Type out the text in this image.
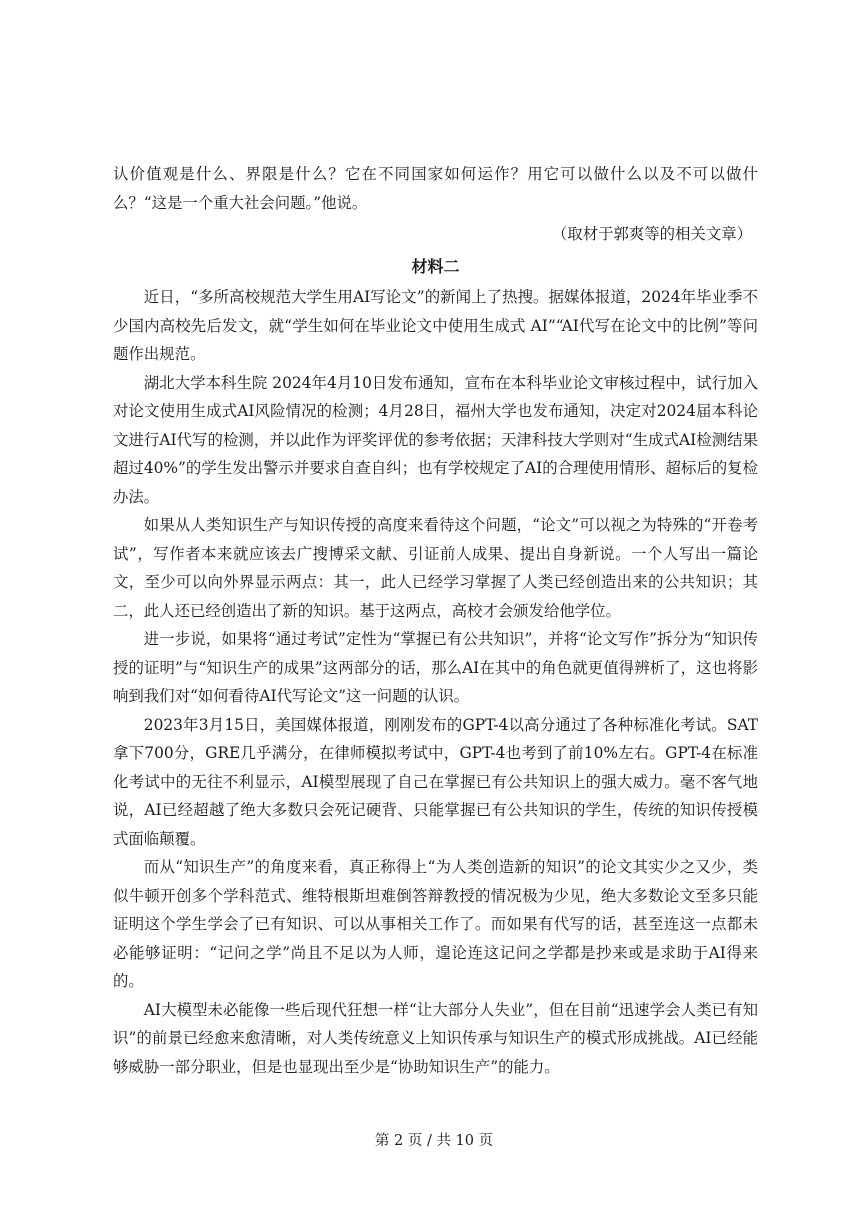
认价值观是什么、界限是什么？它在不同国家如何运作？用它可以做什么以及不可以做什么？“这是一个重大社会问题。”他说。

（取材于郭爽等的相关文章）

材料二

近日，“多所高校规范大学生用AI写论文”的新闻上了热搜。据媒体报道，2024年毕业季不少国内高校先后发文，就“学生如何在毕业论文中使用生成式 AI”“AI代写在论文中的比例”等问题作出规范。

湖北大学本科生院 2024年4月10日发布通知，宣布在本科毕业论文审核过程中，试行加入对论文使用生成式AI风险情况的检测；4月28日，福州大学也发布通知，决定对2024届本科论文进行AI代写的检测，并以此作为评奖评优的参考依据；天津科技大学则对“生成式AI检测结果超过40%”的学生发出警示并要求自查自纠；也有学校规定了AI的合理使用情形、超标后的复检办法。

如果从人类知识生产与知识传授的高度来看待这个问题，“论文”可以视之为特殊的“开卷考试”，写作者本来就应该去广搜博采文献、引证前人成果、提出自身新说。一个人写出一篇论文，至少可以向外界显示两点：其一，此人已经学习掌握了人类已经创造出来的公共知识；其二，此人还已经创造出了新的知识。基于这两点，高校才会颁发给他学位。

进一步说，如果将“通过考试”定性为“掌握已有公共知识”，并将“论文写作”拆分为“知识传授的证明”与“知识生产的成果”这两部分的话，那么AI在其中的角色就更值得辨析了，这也将影响到我们对“如何看待AI代写论文”这一问题的认识。

2023年3月15日，美国媒体报道，刚刚发布的GPT-4以高分通过了各种标准化考试。SAT拿下700分，GRE几乎满分，在律师模拟考试中，GPT-4也考到了前10%左右。GPT-4在标准化考试中的无往不利显示，AI模型展现了自己在掌握已有公共知识上的强大威力。毫不客气地说，AI已经超越了绝大多数只会死记硬背、只能掌握已有公共知识的学生，传统的知识传授模式面临颠覆。

而从“知识生产”的角度来看，真正称得上“为人类创造新的知识”的论文其实少之又少，类似牛顿开创多个学科范式、维特根斯坦难倒答辩教授的情况极为少见，绝大多数论文至多只能证明这个学生学会了已有知识、可以从事相关工作了。而如果有代写的话，甚至连这一点都未必能够证明：“记问之学”尚且不足以为人师，遑论连这记问之学都是抄来或是求助于AI得来的。

AI大模型未必能像一些后现代狂想一样“让大部分人失业”，但在目前“迅速学会人类已有知识”的前景已经愈来愈清晰，对人类传统意义上知识传承与知识生产的模式形成挑战。AI已经能够威胁一部分职业，但是也显现出至少是“协助知识生产”的能力。

第 2 页 / 共 10 页
